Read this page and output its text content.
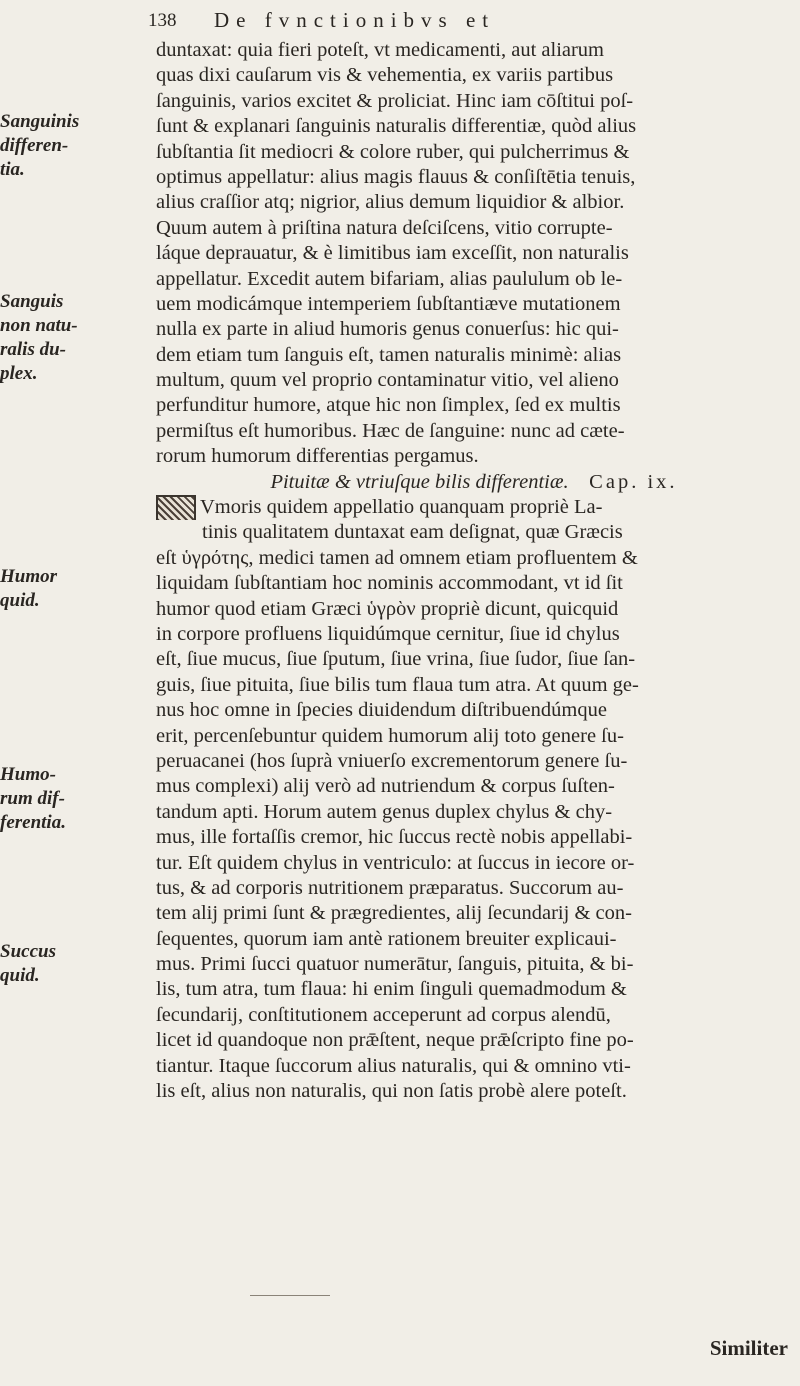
138 De fvnctionibvs et
Sanguinis
differen-
tia.
Sanguis
non natu-
ralis du-
plex.
Humor
quid.
Humo-
rum dif-
ferentia.
Succus
quid.
duntaxat: quia fieri poteſt, vt medicamenti, aut aliarum
quas dixi cauſarum vis & vehementia, ex variis partibus
ſanguinis, varios excitet & proliciat. Hinc iam cōſtitui poſ-
ſunt & explanari ſanguinis naturalis differentiæ, quòd alius
ſubſtantia ſit mediocri & colore ruber, qui pulcherrimus &
optimus appellatur: alius magis flauus & conſiſtētia tenuis,
alius craſſior atq; nigrior, alius demum liquidior & albior.
Quum autem à priſtina natura deſciſcens, vitio corrupte-
láque deprauatur, & è limitibus iam exceſſit, non naturalis
appellatur. Excedit autem bifariam, alias paululum ob le-
uem modicámque intemperiem ſubſtantiæve mutationem
nulla ex parte in aliud humoris genus conuerſus: hic qui-
dem etiam tum ſanguis eſt, tamen naturalis minimè: alias
multum, quum vel proprio contaminatur vitio, vel alieno
perfunditur humore, atque hic non ſimplex, ſed ex multis
permiſtus eſt humoribus. Hæc de ſanguine: nunc ad cæte-
rorum humorum differentias pergamus.
Pituitæ & vtriuſque bilis differentiæ. Cap. ix.
Vmoris quidem appellatio quanquam propriè La-
tinis qualitatem duntaxat eam deſignat, quæ Græcis
eſt ὑγρότης, medici tamen ad omnem etiam profluentem &
liquidam ſubſtantiam hoc nominis accommodant, vt id ſit
humor quod etiam Græci ὑγρὸν propriè dicunt, quicquid
in corpore profluens liquidúmque cernitur, ſiue id chylus
eſt, ſiue mucus, ſiue ſputum, ſiue vrina, ſiue ſudor, ſiue ſan-
guis, ſiue pituita, ſiue bilis tum flaua tum atra. At quum ge-
nus hoc omne in ſpecies diuidendum diſtribuendúmque
erit, percenſebuntur quidem humorum alij toto genere ſu-
peruacanei (hos ſuprà vniuerſo excrementorum genere ſu-
mus complexi) alij verò ad nutriendum & corpus ſuſten-
tandum apti. Horum autem genus duplex chylus & chy-
mus, ille fortaſſis cremor, hic ſuccus rectè nobis appellabi-
tur. Eſt quidem chylus in ventriculo: at ſuccus in iecore or-
tus, & ad corporis nutritionem præparatus. Succorum au-
tem alij primi ſunt & prægredientes, alij ſecundarij & con-
ſequentes, quorum iam antè rationem breuiter explicaui-
mus. Primi ſucci quatuor numerātur, ſanguis, pituita, & bi-
lis, tum atra, tum flaua: hi enim ſinguli quemadmodum &
ſecundarij, conſtitutionem acceperunt ad corpus alendū,
licet id quandoque non prǣſtent, neque prǣſcripto fine po-
tiantur. Itaque ſuccorum alius naturalis, qui & omnino vti-
lis eſt, alius non naturalis, qui non ſatis probè alere poteſt.
Similiter
